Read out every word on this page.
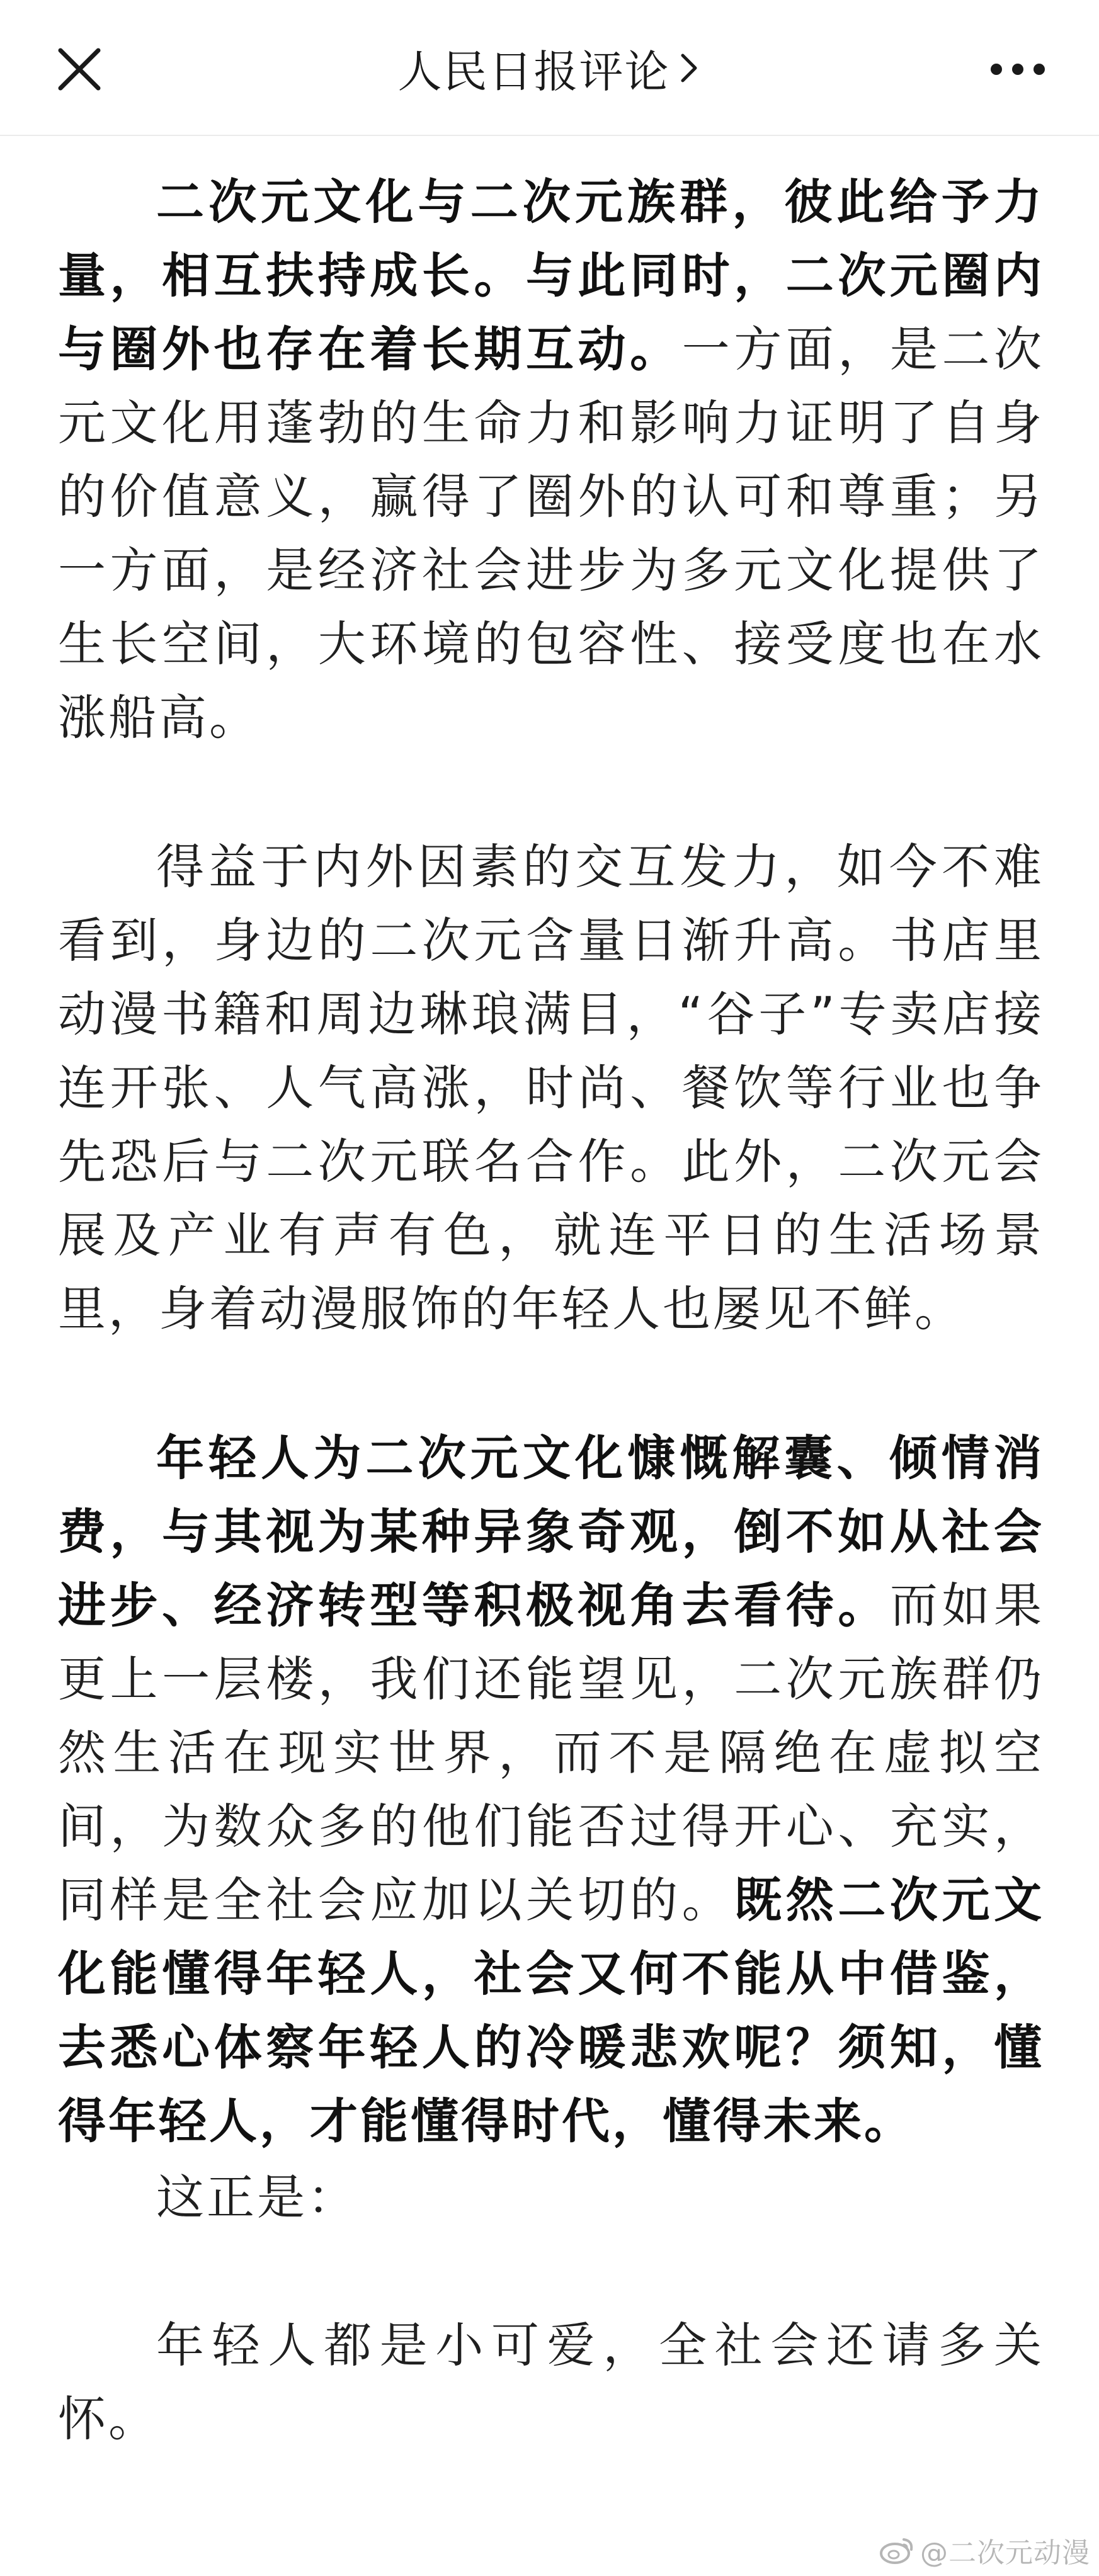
人民日报评论

二次元文化与二次元族群，彼此给予力量，相互扶持成长。与此同时，二次元圈内与圈外也存在着长期互动。一方面，是二次元文化用蓬勃的生命力和影响力证明了自身的价值意义，赢得了圈外的认可和尊重；另一方面，是经济社会进步为多元文化提供了生长空间，大环境的包容性、接受度也在水涨船高。

得益于内外因素的交互发力，如今不难看到，身边的二次元含量日渐升高。书店里动漫书籍和周边琳琅满目，“谷子”专卖店接连开张、人气高涨，时尚、餐饮等行业也争先恐后与二次元联名合作。此外，二次元会展及产业有声有色，就连平日的生活场景里，身着动漫服饰的年轻人也屡见不鲜。

年轻人为二次元文化慷慨解囊、倾情消费，与其视为某种异象奇观，倒不如从社会进步、经济转型等积极视角去看待。而如果更上一层楼，我们还能望见，二次元族群仍然生活在现实世界，而不是隔绝在虚拟空间，为数众多的他们能否过得开心、充实，同样是全社会应加以关切的。既然二次元文化能懂得年轻人，社会又何不能从中借鉴，去悉心体察年轻人的冷暖悲欢呢？须知，懂得年轻人，才能懂得时代，懂得未来。

这正是：

年轻人都是小可爱，全社会还请多关怀。

@二次元动漫
